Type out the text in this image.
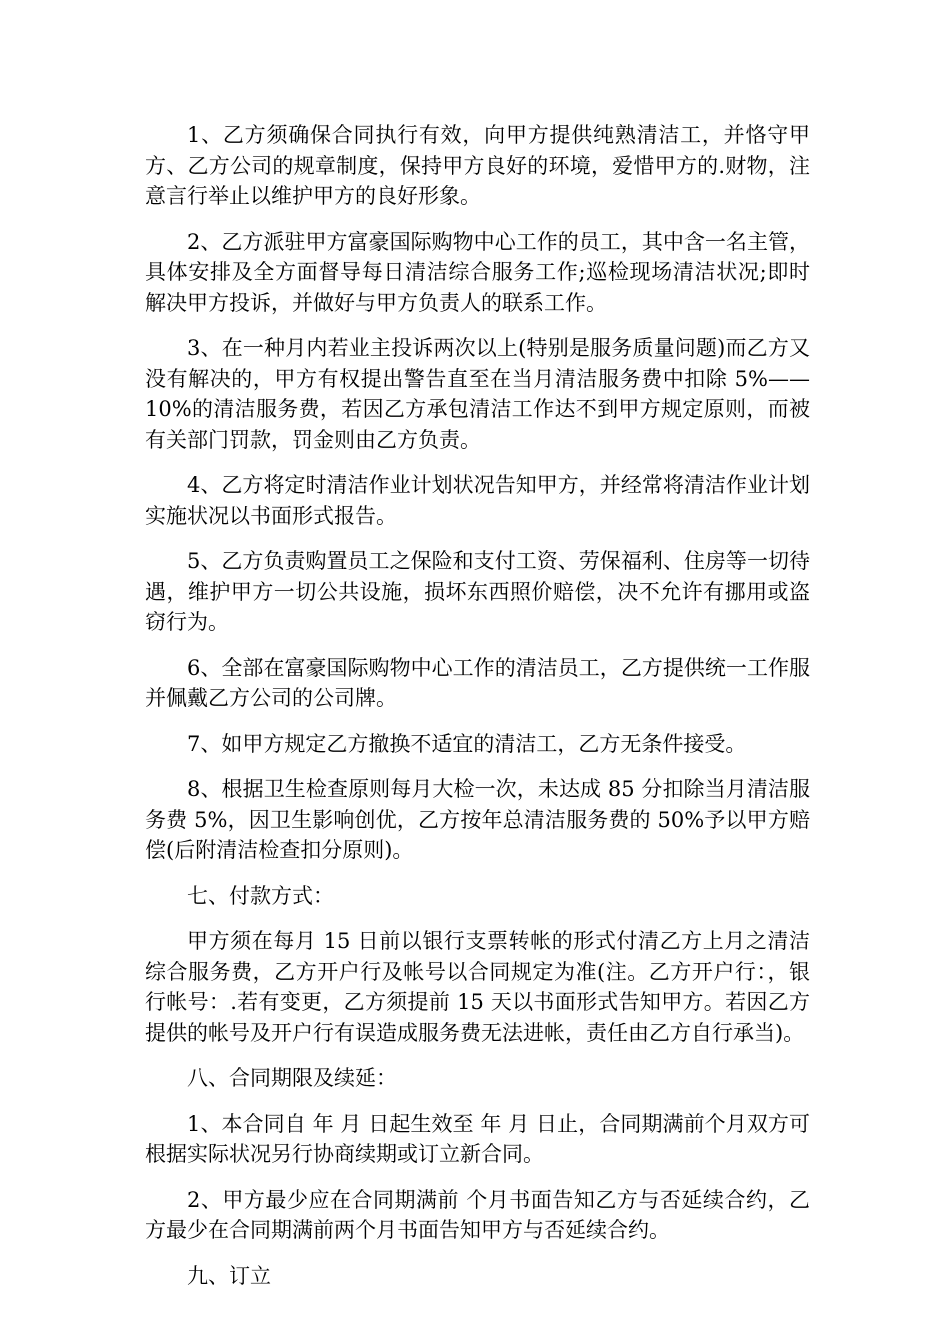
1、乙方须确保合同执行有效，向甲方提供纯熟清洁工，并恪守甲方、乙方公司的规章制度，保持甲方良好的环境，爱惜甲方的.财物，注意言行举止以维护甲方的良好形象。

2、乙方派驻甲方富豪国际购物中心工作的员工，其中含一名主管，具体安排及全方面督导每日清洁综合服务工作;巡检现场清洁状况;即时解决甲方投诉，并做好与甲方负责人的联系工作。

3、在一种月内若业主投诉两次以上(特别是服务质量问题)而乙方又没有解决的，甲方有权提出警告直至在当月清洁服务费中扣除 5%——10%的清洁服务费，若因乙方承包清洁工作达不到甲方规定原则，而被有关部门罚款，罚金则由乙方负责。

4、乙方将定时清洁作业计划状况告知甲方，并经常将清洁作业计划实施状况以书面形式报告。

5、乙方负责购置员工之保险和支付工资、劳保福利、住房等一切待遇，维护甲方一切公共设施，损坏东西照价赔偿，决不允许有挪用或盗窃行为。

6、全部在富豪国际购物中心工作的清洁员工，乙方提供统一工作服并佩戴乙方公司的公司牌。

7、如甲方规定乙方撤换不适宜的清洁工，乙方无条件接受。

8、根据卫生检查原则每月大检一次，未达成 85 分扣除当月清洁服务费 5%，因卫生影响创优，乙方按年总清洁服务费的 50%予以甲方赔偿(后附清洁检查扣分原则)。

七、付款方式：

甲方须在每月 15 日前以银行支票转帐的形式付清乙方上月之清洁综合服务费，乙方开户行及帐号以合同规定为准(注。乙方开户行：，银行帐号：.若有变更，乙方须提前 15 天以书面形式告知甲方。若因乙方提供的帐号及开户行有误造成服务费无法进帐，责任由乙方自行承当)。

八、合同期限及续延：

1、本合同自 年 月 日起生效至 年 月 日止，合同期满前个月双方可根据实际状况另行协商续期或订立新合同。

2、甲方最少应在合同期满前 个月书面告知乙方与否延续合约，乙方最少在合同期满前两个月书面告知甲方与否延续合约。

九、订立
